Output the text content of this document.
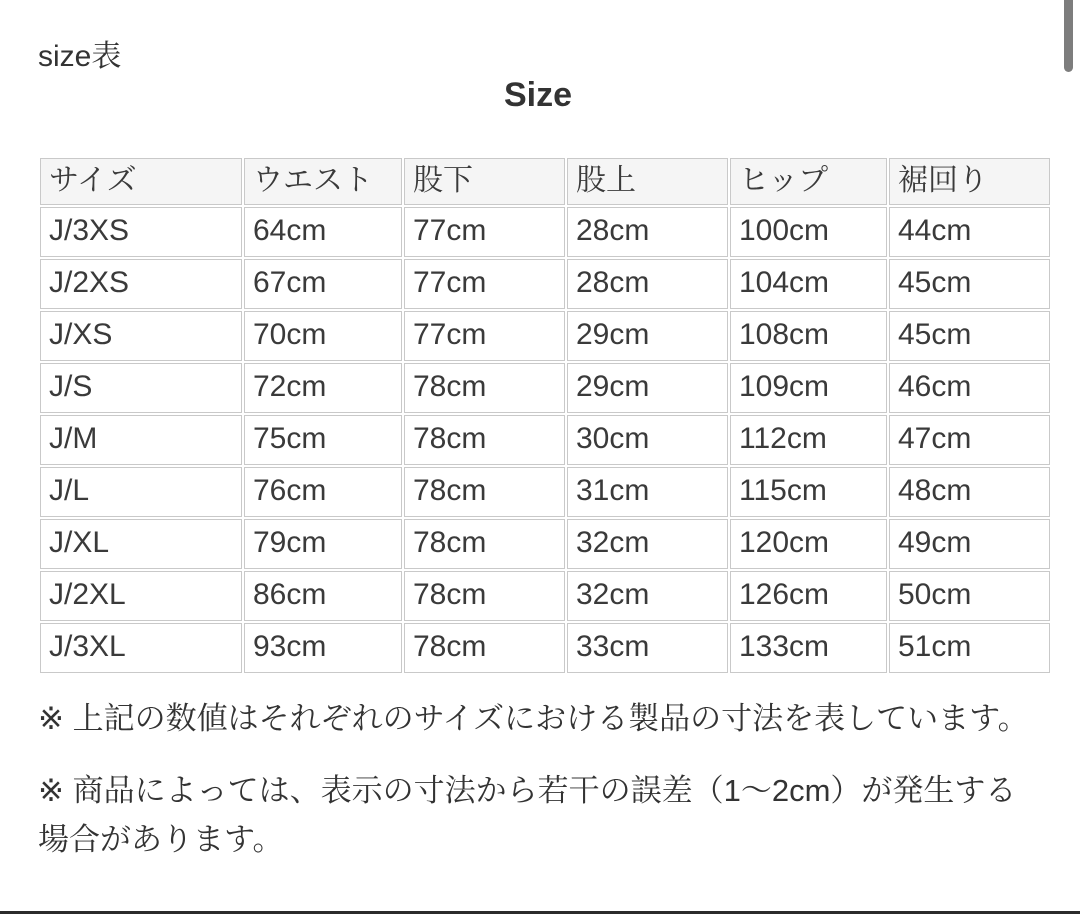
size表
Size
サイズ	ウエスト	股下	股上	ヒップ	裾回り
J/3XS	64cm	77cm	28cm	100cm	44cm
J/2XS	67cm	77cm	28cm	104cm	45cm
J/XS	70cm	77cm	29cm	108cm	45cm
J/S	72cm	78cm	29cm	109cm	46cm
J/M	75cm	78cm	30cm	112cm	47cm
J/L	76cm	78cm	31cm	115cm	48cm
J/XL	79cm	78cm	32cm	120cm	49cm
J/2XL	86cm	78cm	32cm	126cm	50cm
J/3XL	93cm	78cm	33cm	133cm	51cm

※ 上記の数値はそれぞれのサイズにおける製品の寸法を表しています。

※ 商品によっては、表示の寸法から若干の誤差（1～2cm）が発生する場合があります。
